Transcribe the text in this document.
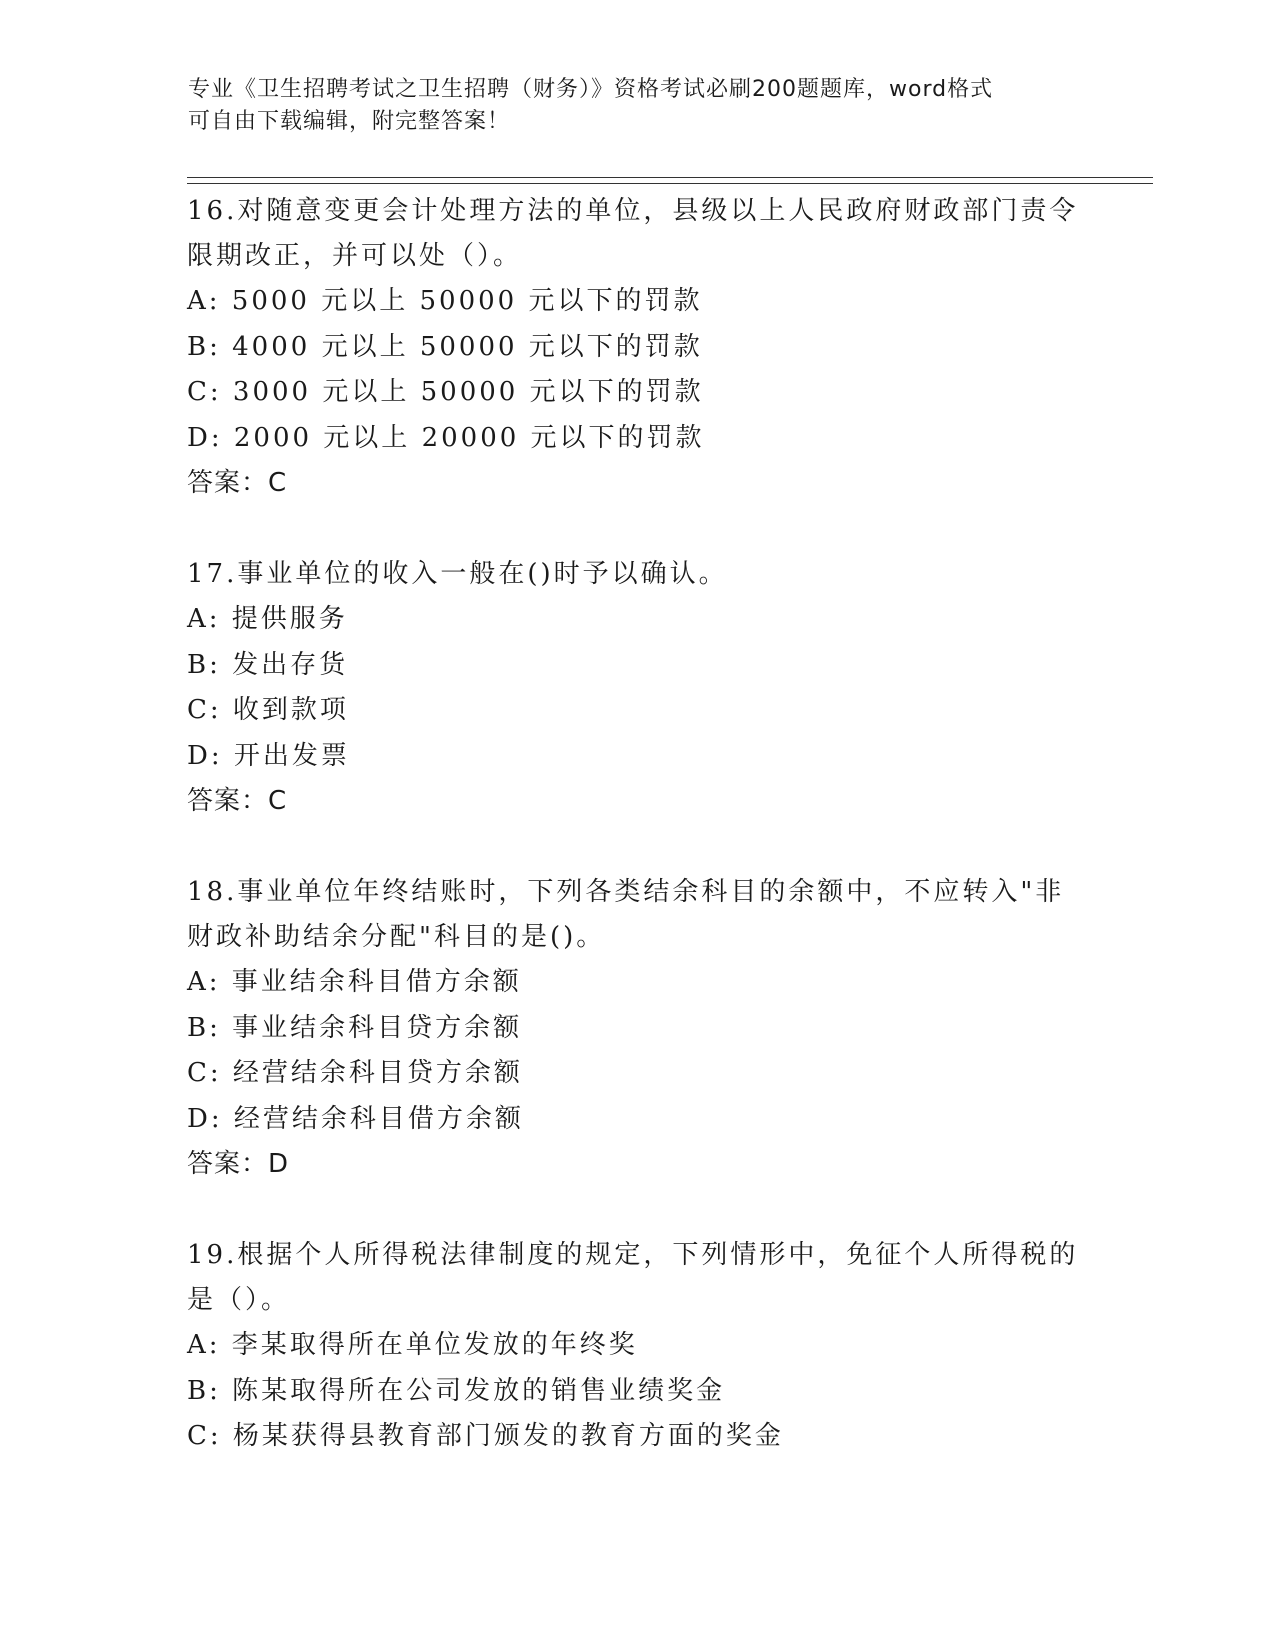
专业《卫生招聘考试之卫生招聘（财务）》资格考试必刷200题题库，word格式
可自由下载编辑，附完整答案！
16.对随意变更会计处理方法的单位，县级以上人民政府财政部门责令
限期改正，并可以处（）。
A: 5000 元以上 50000 元以下的罚款
B: 4000 元以上 50000 元以下的罚款
C: 3000 元以上 50000 元以下的罚款
D: 2000 元以上 20000 元以下的罚款
答案：C
17.事业单位的收入一般在()时予以确认。
A: 提供服务
B: 发出存货
C: 收到款项
D: 开出发票
答案：C
18.事业单位年终结账时，下列各类结余科目的余额中，不应转入"非
财政补助结余分配"科目的是()。
A: 事业结余科目借方余额
B: 事业结余科目贷方余额
C: 经营结余科目贷方余额
D: 经营结余科目借方余额
答案：D
19.根据个人所得税法律制度的规定，下列情形中，免征个人所得税的
是（）。
A: 李某取得所在单位发放的年终奖
B: 陈某取得所在公司发放的销售业绩奖金
C: 杨某获得县教育部门颁发的教育方面的奖金
